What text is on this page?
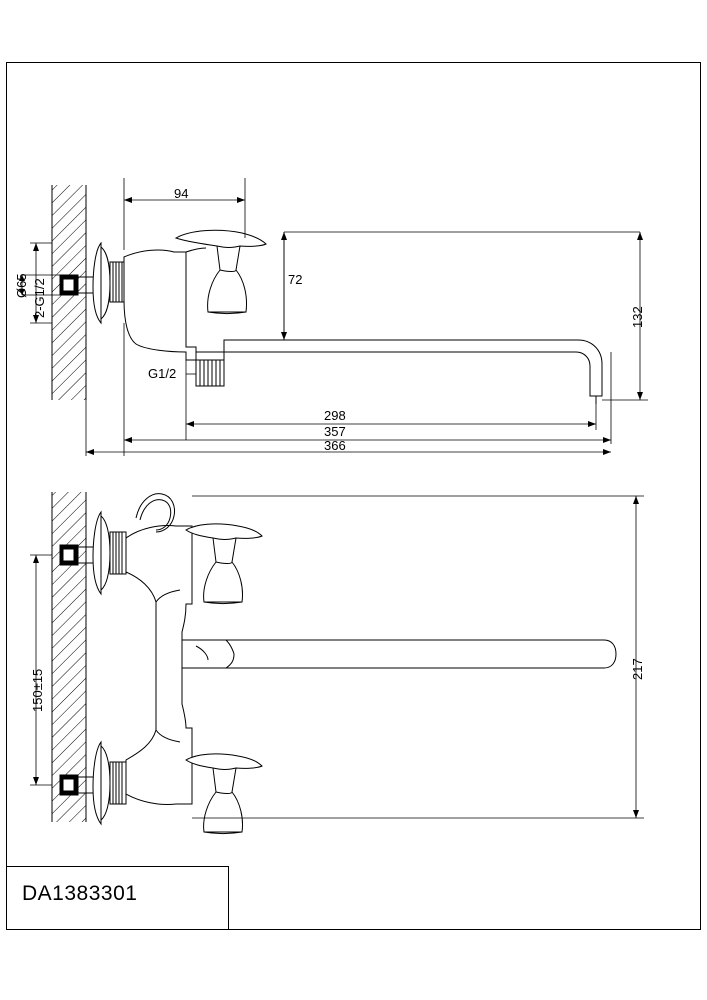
DA1383301
94
72
132
298
357
366
Ø65 2-G1/2
G1/2
150±15	217
